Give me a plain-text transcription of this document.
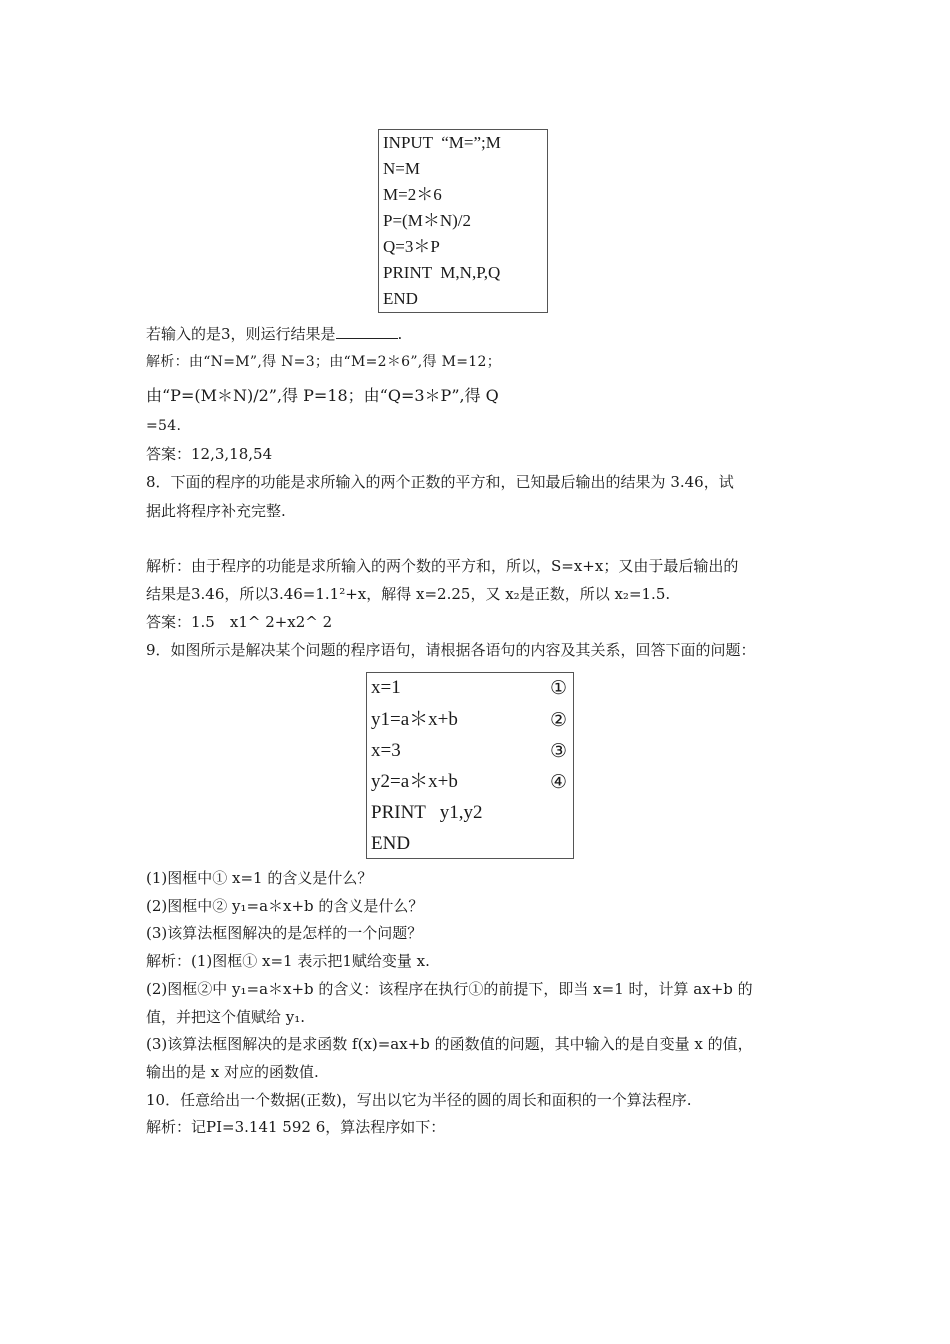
INPUT  “M=”;M
N=M
M=2＊6
P=(M＊N)/2
Q=3＊P
PRINT  M,N,P,Q
END
若输入的是3，则运行结果是	.
解析：由“N=M”,得 N=3；由“M=2＊6”,得 M=12；
由“P=(M＊N)/2”,得 P=18；由“Q=3＊P”,得 Q
=54.
答案：12,3,18,54
8．下面的程序的功能是求所输入的两个正数的平方和，已知最后输出的结果为 3.46，试
据此将程序补充完整.
解析：由于程序的功能是求所输入的两个数的平方和，所以，S=x+x；又由于最后输出的
结果是3.46，所以3.46=1.1²+x，解得 x=2.25，又 x₂是正数，所以 x₂=1.5.
答案：1.5　x1^ 2+x2^ 2
9．如图所示是解决某个问题的程序语句，请根据各语句的内容及其关系，回答下面的问题：
x=1	①
y1=a＊x+b	②
x=3	③
y2=a＊x+b	④
PRINT   y1,y2
END
(1)图框中① x=1 的含义是什么？
(2)图框中② y₁=a＊x+b 的含义是什么？
(3)该算法框图解决的是怎样的一个问题？
解析：(1)图框① x=1 表示把1赋给变量 x.
(2)图框②中 y₁=a＊x+b 的含义：该程序在执行①的前提下，即当 x=1 时，计算 ax+b 的
值，并把这个值赋给 y₁.
(3)该算法框图解决的是求函数 f(x)=ax+b 的函数值的问题，其中输入的是自变量 x 的值，
输出的是 x 对应的函数值.
10．任意给出一个数据(正数)，写出以它为半径的圆的周长和面积的一个算法程序.
解析：记PI=3.141 592 6，算法程序如下：
